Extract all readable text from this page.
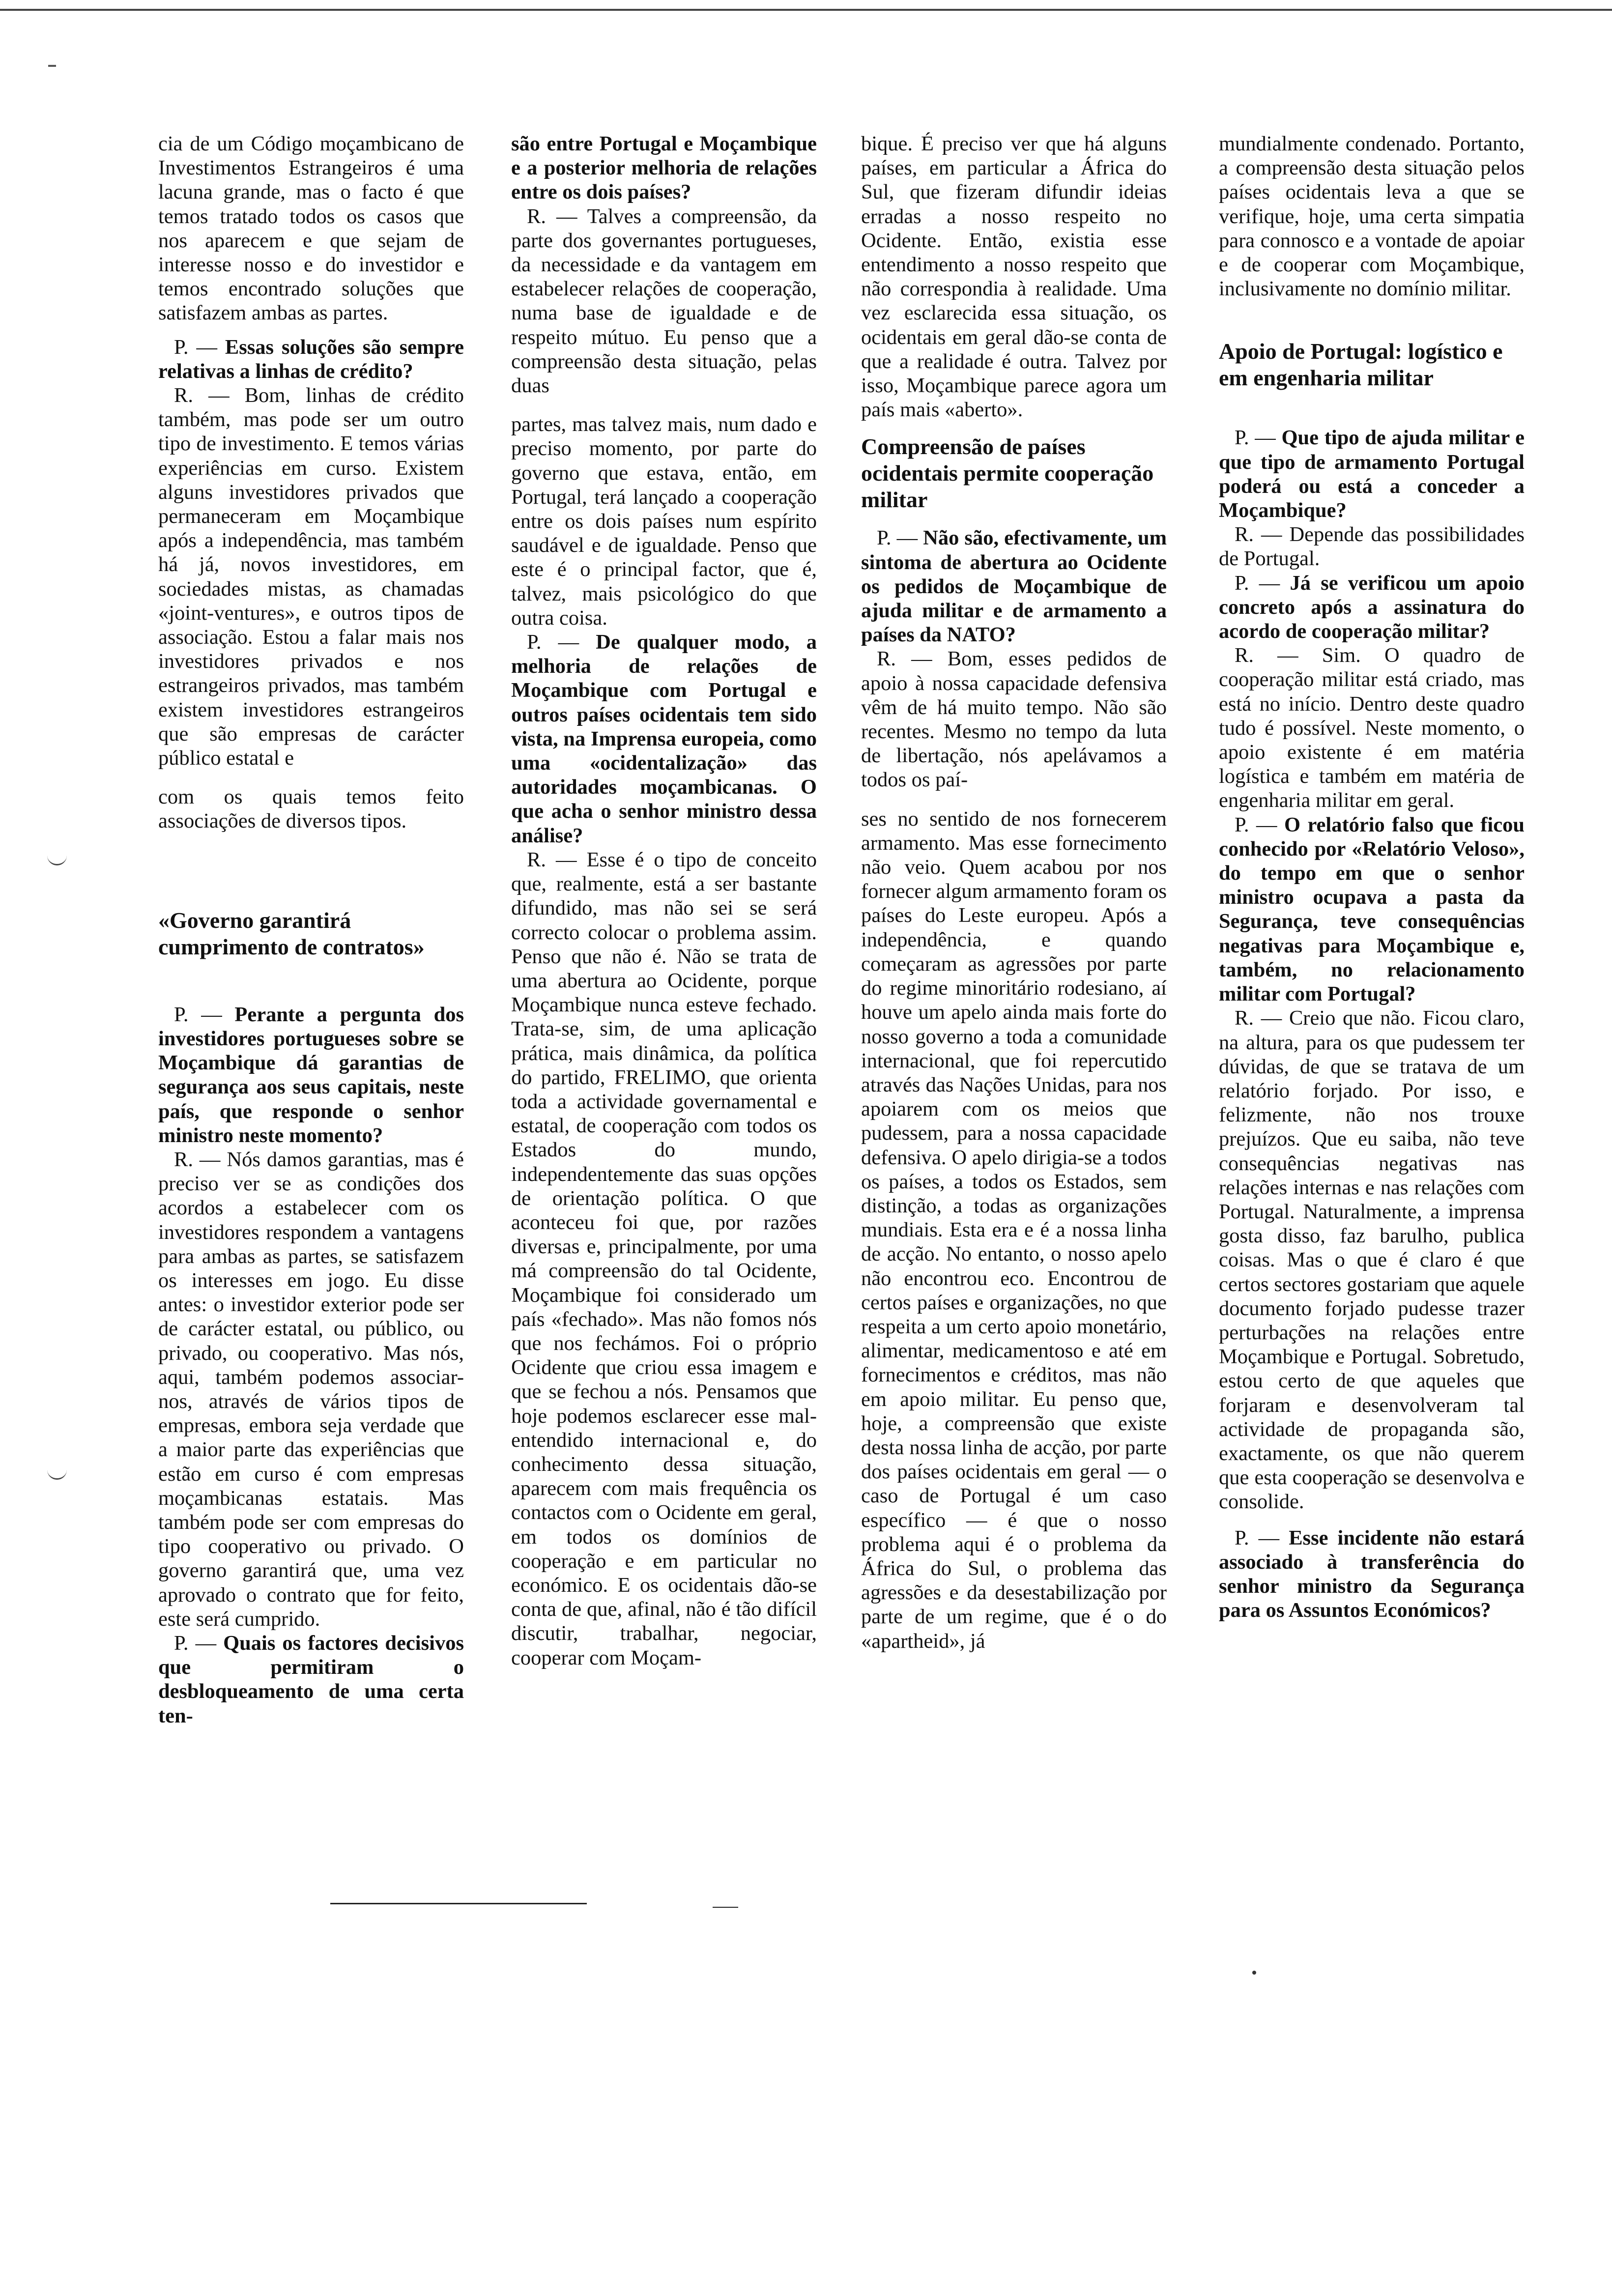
cia de um Código moçambicano de Investimentos Estrangeiros é uma lacuna grande, mas o facto é que temos tratado todos os casos que nos aparecem e que sejam de interesse nosso e do investidor e temos encontrado soluções que satisfazem ambas as partes.

P. — Essas soluções são sempre relativas a linhas de crédito?

R. — Bom, linhas de crédito também, mas pode ser um outro tipo de investimento. E temos várias experiências em curso. Existem alguns investidores privados que permaneceram em Moçambique após a independência, mas também há já, novos investidores, em sociedades mistas, as chamadas «joint-ventures», e outros tipos de associação. Estou a falar mais nos investidores privados e nos estrangeiros privados, mas também existem investidores estrangeiros que são empresas de carácter público estatal e

com os quais temos feito associações de diversos tipos.

«Governo garantirá cumprimento de contratos»

P. — Perante a pergunta dos investidores portugueses sobre se Moçambique dá garantias de segurança aos seus capitais, neste país, que responde o senhor ministro neste momento?

R. — Nós damos garantias, mas é preciso ver se as condições dos acordos a estabelecer com os investidores respondem a vantagens para ambas as partes, se satisfazem os interesses em jogo. Eu disse antes: o investidor exterior pode ser de carácter estatal, ou público, ou privado, ou cooperativo. Mas nós, aqui, também podemos associar-nos, através de vários tipos de empresas, embora seja verdade que a maior parte das experiências que estão em curso é com empresas moçambicanas estatais. Mas também pode ser com empresas do tipo cooperativo ou privado. O governo garantirá que, uma vez aprovado o contrato que for feito, este será cumprido.

P. — Quais os factores decisivos que permitiram o desbloqueamento de uma certa ten-

são entre Portugal e Moçambique e a posterior melhoria de relações entre os dois países?

R. — Talves a compreensão, da parte dos governantes portugueses, da necessidade e da vantagem em estabelecer relações de cooperação, numa base de igualdade e de respeito mútuo. Eu penso que a compreensão desta situação, pelas duas

partes, mas talvez mais, num dado e preciso momento, por parte do governo que estava, então, em Portugal, terá lançado a cooperação entre os dois países num espírito saudável e de igualdade. Penso que este é o principal factor, que é, talvez, mais psicológico do que outra coisa.

P. — De qualquer modo, a melhoria de relações de Moçambique com Portugal e outros países ocidentais tem sido vista, na Imprensa europeia, como uma «ocidentalização» das autoridades moçambicanas. O que acha o senhor ministro dessa análise?

R. — Esse é o tipo de conceito que, realmente, está a ser bastante difundido, mas não sei se será correcto colocar o problema assim. Penso que não é. Não se trata de uma abertura ao Ocidente, porque Moçambique nunca esteve fechado. Trata-se, sim, de uma aplicação prática, mais dinâmica, da política do partido, FRELIMO, que orienta toda a actividade governamental e estatal, de cooperação com todos os Estados do mundo, independentemente das suas opções de orientação política. O que aconteceu foi que, por razões diversas e, principalmente, por uma má compreensão do tal Ocidente, Moçambique foi considerado um país «fechado». Mas não fomos nós que nos fechámos. Foi o próprio Ocidente que criou essa imagem e que se fechou a nós. Pensamos que hoje podemos esclarecer esse mal-entendido internacional e, do conhecimento dessa situação, aparecem com mais frequência os contactos com o Ocidente em geral, em todos os domínios de cooperação e em particular no económico. E os ocidentais dão-se conta de que, afinal, não é tão difícil discutir, trabalhar, negociar, cooperar com Moçam-

bique. É preciso ver que há alguns países, em particular a África do Sul, que fizeram difundir ideias erradas a nosso respeito no Ocidente. Então, existia esse entendimento a nosso respeito que não correspondia à realidade. Uma vez esclarecida essa situação, os ocidentais em geral dão-se conta de que a realidade é outra. Talvez por isso, Moçambique parece agora um país mais «aberto».

Compreensão de países ocidentais permite cooperação militar

P. — Não são, efectivamente, um sintoma de abertura ao Ocidente os pedidos de Moçambique de ajuda militar e de armamento a países da NATO?

R. — Bom, esses pedidos de apoio à nossa capacidade defensiva vêm de há muito tempo. Não são recentes. Mesmo no tempo da luta de libertação, nós apelávamos a todos os paí-

ses no sentido de nos fornecerem armamento. Mas esse fornecimento não veio. Quem acabou por nos fornecer algum armamento foram os países do Leste europeu. Após a independência, e quando começaram as agressões por parte do regime minoritário rodesiano, aí houve um apelo ainda mais forte do nosso governo a toda a comunidade internacional, que foi repercutido através das Nações Unidas, para nos apoiarem com os meios que pudessem, para a nossa capacidade defensiva. O apelo dirigia-se a todos os países, a todos os Estados, sem distinção, a todas as organizações mundiais. Esta era e é a nossa linha de acção. No entanto, o nosso apelo não encontrou eco. Encontrou de certos países e organizações, no que respeita a um certo apoio monetário, alimentar, medicamentoso e até em fornecimentos e créditos, mas não em apoio militar. Eu penso que, hoje, a compreensão que existe desta nossa linha de acção, por parte dos países ocidentais em geral — o caso de Portugal é um caso específico — é que o nosso problema aqui é o problema da África do Sul, o problema das agressões e da desestabilização por parte de um regime, que é o do «apartheid», já

mundialmente condenado. Portanto, a compreensão desta situação pelos países ocidentais leva a que se verifique, hoje, uma certa simpatia para connosco e a vontade de apoiar e de cooperar com Moçambique, inclusivamente no domínio militar.

Apoio de Portugal: logístico e em engenharia militar

P. — Que tipo de ajuda militar e que tipo de armamento Portugal poderá ou está a conceder a Moçambique?

R. — Depende das possibilidades de Portugal.

P. — Já se verificou um apoio concreto após a assinatura do acordo de cooperação militar?

R. — Sim. O quadro de cooperação militar está criado, mas está no início. Dentro deste quadro tudo é possível. Neste momento, o apoio existente é em matéria logística e também em matéria de engenharia militar em geral.

P. — O relatório falso que ficou conhecido por «Relatório Veloso», do tempo em que o senhor ministro ocupava a pasta da Segurança, teve consequências negativas para Moçambique e, também, no relacionamento militar com Portugal?

R. — Creio que não. Ficou claro, na altura, para os que pudessem ter dúvidas, de que se tratava de um relatório forjado. Por isso, e felizmente, não nos trouxe prejuízos. Que eu saiba, não teve consequências negativas nas relações internas e nas relações com Portugal. Naturalmente, a imprensa gosta disso, faz barulho, publica coisas. Mas o que é claro é que certos sectores gostariam que aquele documento forjado pudesse trazer perturbações na relações entre Moçambique e Portugal. Sobretudo, estou certo de que aqueles que forjaram e desenvolveram tal actividade de propaganda são, exactamente, os que não querem que esta cooperação se desenvolva e consolide.

P. — Esse incidente não estará associado à transferência do senhor ministro da Segurança para os Assuntos Económicos?
